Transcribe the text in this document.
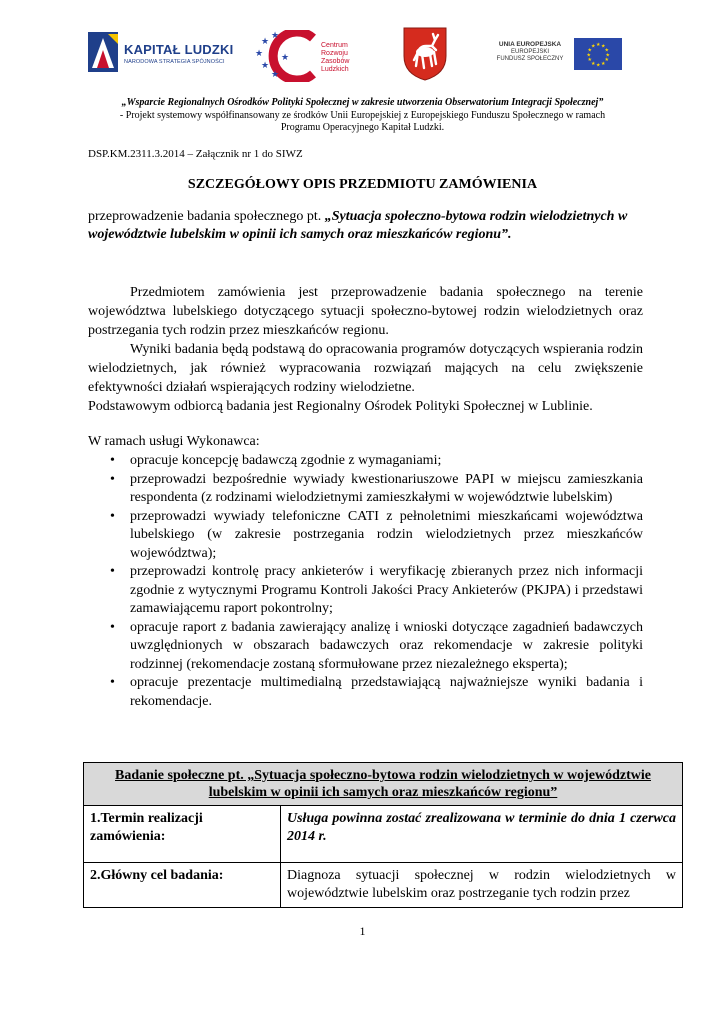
KAPITAŁ LUDZKI
NARODOWA STRATEGIA SPÓJNOŚCI
★
★
★
★
★
★
Centrum
Rozwoju
Zasobów
Ludzkich
UNIA EUROPEJSKA
EUROPEJSKI
FUNDUSZ SPOŁECZNY
★ ★
★
★
★
★
★
★
★
★
★
★
„Wsparcie Regionalnych Ośrodków Polityki Społecznej w zakresie utworzenia Obserwatorium Integracji Społecznej”
- Projekt systemowy współfinansowany ze środków Unii Europejskiej z Europejskiego Funduszu Społecznego w ramach
Programu Operacyjnego Kapitał Ludzki.
DSP.KM.2311.3.2014 – Załącznik nr 1 do SIWZ
SZCZEGÓŁOWY OPIS PRZEDMIOTU ZAMÓWIENIA
przeprowadzenie badania społecznego pt. „Sytuacja społeczno-bytowa rodzin wielodzietnych w województwie lubelskim w opinii ich samych oraz mieszkańców regionu”.
Przedmiotem zamówienia jest przeprowadzenie badania społecznego na terenie województwa lubelskiego dotyczącego sytuacji społeczno-bytowej rodzin wielodzietnych oraz postrzegania tych rodzin przez mieszkańców regionu.
Wyniki badania będą podstawą do opracowania programów dotyczących wspierania rodzin wielodzietnych, jak również wypracowania rozwiązań mających na celu zwiększenie efektywności działań wspierających rodziny wielodzietne.
Podstawowym odbiorcą badania jest Regionalny Ośrodek Polityki Społecznej w Lublinie.
W ramach usługi Wykonawca:
• opracuje koncepcję badawczą zgodnie z wymaganiami;
• przeprowadzi bezpośrednie wywiady kwestionariuszowe PAPI w miejscu zamieszkania respondenta (z rodzinami wielodzietnymi zamieszkałymi w województwie lubelskim)
• przeprowadzi wywiady telefoniczne CATI z pełnoletnimi mieszkańcami województwa lubelskiego (w zakresie postrzegania rodzin wielodzietnych przez mieszkańców województwa);
• przeprowadzi kontrolę pracy ankieterów i weryfikację zbieranych przez nich informacji zgodnie z wytycznymi Programu Kontroli Jakości Pracy Ankieterów (PKJPA) i przedstawi zamawiającemu raport pokontrolny;
• opracuje raport z badania zawierający analizę i wnioski dotyczące zagadnień badawczych uwzględnionych w obszarach badawczych oraz rekomendacje w zakresie polityki rodzinnej (rekomendacje zostaną sformułowane przez niezależnego eksperta);
• opracuje prezentacje multimedialną przedstawiającą najważniejsze wyniki badania i rekomendacje.
Badanie społeczne pt. „Sytuacja społeczno-bytowa rodzin wielodzietnych w województwie lubelskim w opinii ich samych oraz mieszkańców regionu”	
1.Termin realizacji zamówienia:	Usługa powinna zostać zrealizowana w terminie do dnia 1 czerwca 2014 r.
2.Główny cel badania:	Diagnoza sytuacji społecznej w rodzin wielodzietnych w województwie lubelskim oraz postrzeganie tych rodzin przez
1
